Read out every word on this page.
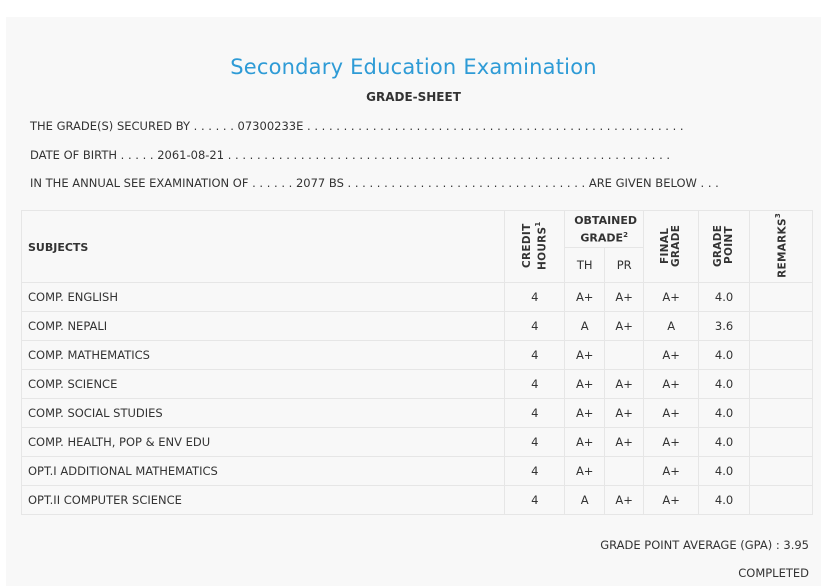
Secondary Education Examination
GRADE-SHEET
THE GRADE(S) SECURED BY . . . . . . 07300233E . . . . . . . . . . . . . . . . . . . . . . . . . . . . . . . . . . . . . . . . . . . . . . . . . . . .
DATE OF BIRTH . . . . . 2061-08-21 . . . . . . . . . . . . . . . . . . . . . . . . . . . . . . . . . . . . . . . . . . . . . . . . . . . . . . . . . . . . .
IN THE ANNUAL SEE EXAMINATION OF . . . . . . 2077 BS . . . . . . . . . . . . . . . . . . . . . . . . . . . . . . . . . ARE GIVEN BELOW . . .
SUBJECTS	CREDIT HOURS$^1$	OBTAINED GRADE$^2$		FINAL GRADE	GRADE POINT	REMARKS$^3$
		TH	PR			
COMP. ENGLISH	4	A+	A+	A+	4.0	
COMP. NEPALI	4	A	A+	A	3.6	
COMP. MATHEMATICS	4	A+		A+	4.0	
COMP. SCIENCE	4	A+	A+	A+	4.0	
COMP. SOCIAL STUDIES	4	A+	A+	A+	4.0	
COMP. HEALTH, POP & ENV EDU	4	A+	A+	A+	4.0	
OPT.I ADDITIONAL MATHEMATICS	4	A+		A+	4.0	
OPT.II COMPUTER SCIENCE	4	A	A+	A+	4.0	
GRADE POINT AVERAGE (GPA) : 3.95
COMPLETED
